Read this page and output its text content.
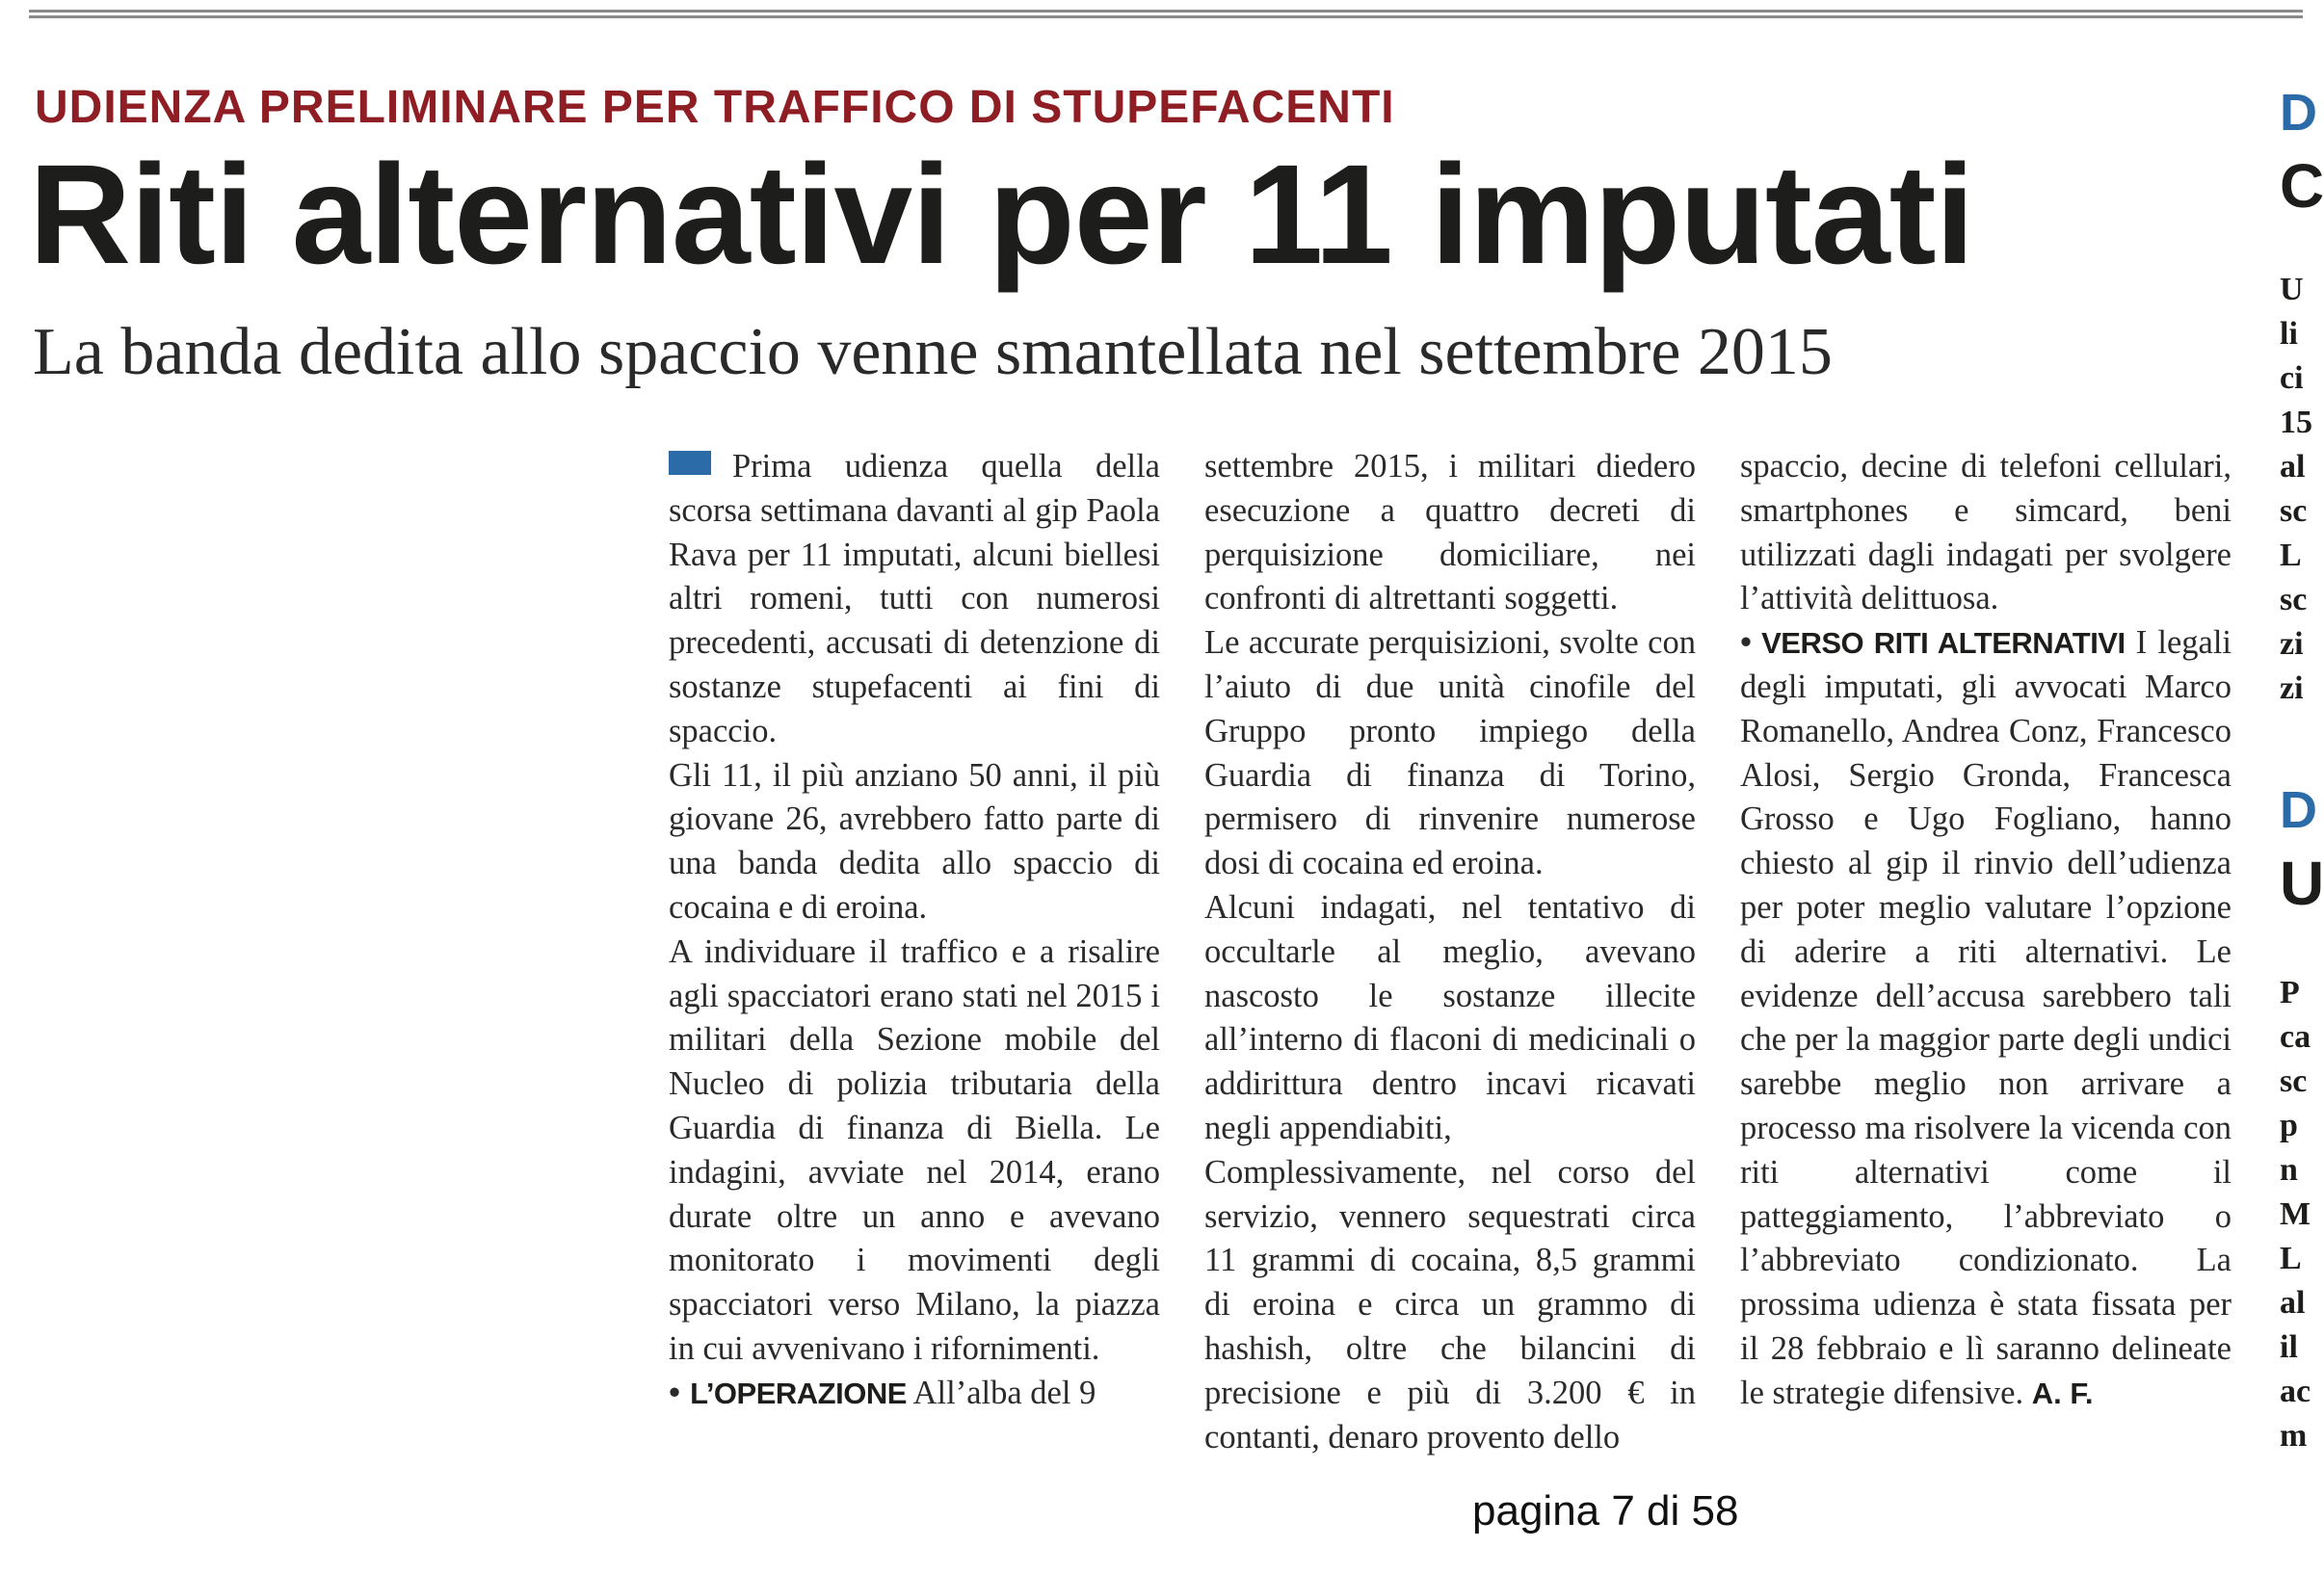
UDIENZA PRELIMINARE PER TRAFFICO DI STUPEFACENTI
Riti alternativi per 11 imputati
La banda dedita allo spaccio venne smantellata nel settembre 2015

Prima udienza quella della scorsa settimana davanti al gip Paola Rava per 11 imputati, alcuni biellesi altri romeni, tutti con numerosi precedenti, accusati di detenzione di sostanze stupefacenti ai fini di spaccio.

Gli 11, il più anziano 50 anni, il più giovane 26, avrebbero fatto parte di una banda dedita allo spaccio di cocaina e di eroina.

A individuare il traffico e a risalire agli spacciatori erano stati nel 2015 i militari della Sezione mobile del Nucleo di polizia tributaria della Guardia di finanza di Biella. Le indagini, avviate nel 2014, erano durate oltre un anno e avevano monitorato i movimenti degli spacciatori verso Milano, la piazza in cui avvenivano i rifornimenti.

• L’OPERAZIONE All’alba del 9

settembre 2015, i militari diedero esecuzione a quattro decreti di perquisizione domiciliare, nei confronti di altrettanti soggetti.

Le accurate perquisizioni, svolte con l’aiuto di due unità cinofile del Gruppo pronto impiego della Guardia di finanza di Torino, permisero di rinvenire numerose dosi di cocaina ed eroina.

Alcuni indagati, nel tentativo di occultarle al meglio, avevano nascosto le sostanze illecite all’interno di flaconi di medicinali o addirittura dentro incavi ricavati negli appendiabiti,

Complessivamente, nel corso del servizio, vennero sequestrati circa 11 grammi di cocaina, 8,5 grammi di eroina e circa un grammo di hashish, oltre che bilancini di precisione e più di 3.200 € in contanti, denaro provento dello

spaccio, decine di telefoni cellulari, smartphones e simcard, beni utilizzati dagli indagati per svolgere l’attività delittuosa.

• VERSO RITI ALTERNATIVI I legali degli imputati, gli avvocati Marco Romanello, Andrea Conz, Francesco Alosi, Sergio Gronda, Francesca Grosso e Ugo Fogliano, hanno chiesto al gip il rinvio dell’udienza per poter meglio valutare l’opzione di aderire a riti alternativi. Le evidenze dell’accusa sarebbero tali che per la maggior parte degli undici sarebbe meglio non arrivare a processo ma risolvere la vicenda con riti alternativi come il patteggiamento, l’abbreviato o l’abbreviato condizionato. La prossima udienza è stata fissata per il 28 febbraio e lì saranno delineate le strategie difensive. A. F.

pagina 7 di 58

D
C
U
li
ci
15
al
sc
L
sc
zi
zi
D
U
P
ca
sc
p
n
M
L
al
il
ac
m
